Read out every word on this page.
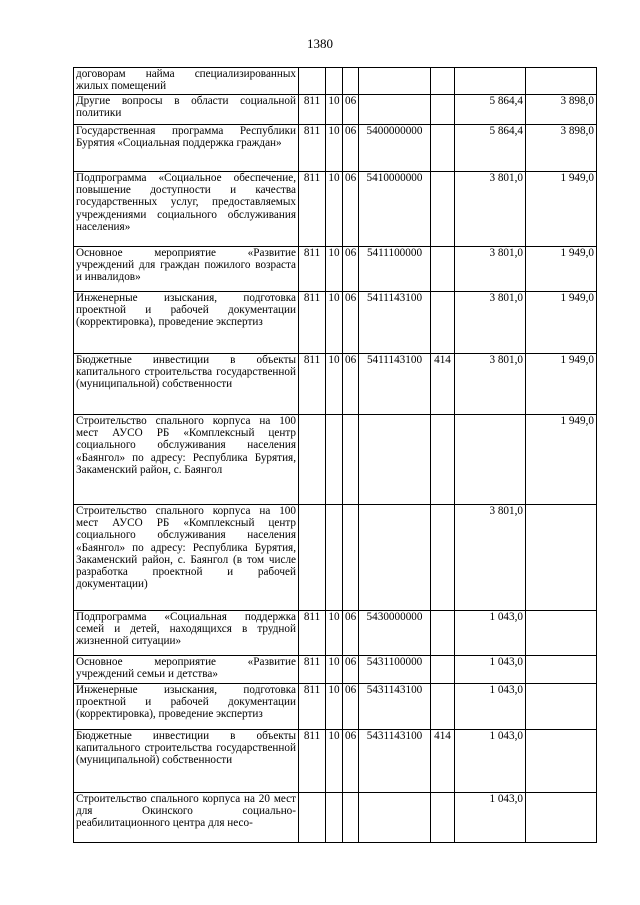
1380
договорам найма специализированных жилых помещений							
Другие вопросы в области социальной политики	811	10	06			5 864,4	3 898,0
Государственная программа Республики Бурятия «Социальная поддержка граждан»	811	10	06	5400000000		5 864,4	3 898,0
Подпрограмма «Социальное обеспечение, повышение доступности и качества государственных услуг, предоставляемых учреждениями социального обслуживания населения»	811	10	06	5410000000		3 801,0	1 949,0
Основное мероприятие «Развитие учреждений для граждан пожилого возраста и инвалидов»	811	10	06	5411100000		3 801,0	1 949,0
Инженерные изыскания, подготовка проектной и рабочей документации (корректировка), проведение экспертиз	811	10	06	5411143100		3 801,0	1 949,0
Бюджетные инвестиции в объекты капитального строительства государственной (муниципальной) собственности	811	10	06	5411143100	414	3 801,0	1 949,0
Строительство спального корпуса на 100 мест АУСО РБ «Комплексный центр социального обслуживания населения «Баянгол» по адресу: Республика Бурятия, Закаменский район, с. Баянгол							1 949,0
Строительство спального корпуса на 100 мест АУСО РБ «Комплексный центр социального обслуживания населения «Баянгол» по адресу: Республика Бурятия, Закаменский район, с. Баянгол (в том числе разработка проектной и рабочей документации)						3 801,0	
Подпрограмма «Социальная поддержка семей и детей, находящихся в трудной жизненной ситуации»	811	10	06	5430000000		1 043,0	
Основное мероприятие «Развитие учреждений семьи и детства»	811	10	06	5431100000		1 043,0	
Инженерные изыскания, подготовка проектной и рабочей документации (корректировка), проведение экспертиз	811	10	06	5431143100		1 043,0	
Бюджетные инвестиции в объекты капитального строительства государственной (муниципальной) собственности	811	10	06	5431143100	414	1 043,0	
Строительство спального корпуса на 20 мест для Окинского социально-реабилитационного центра для несо-						1 043,0	
